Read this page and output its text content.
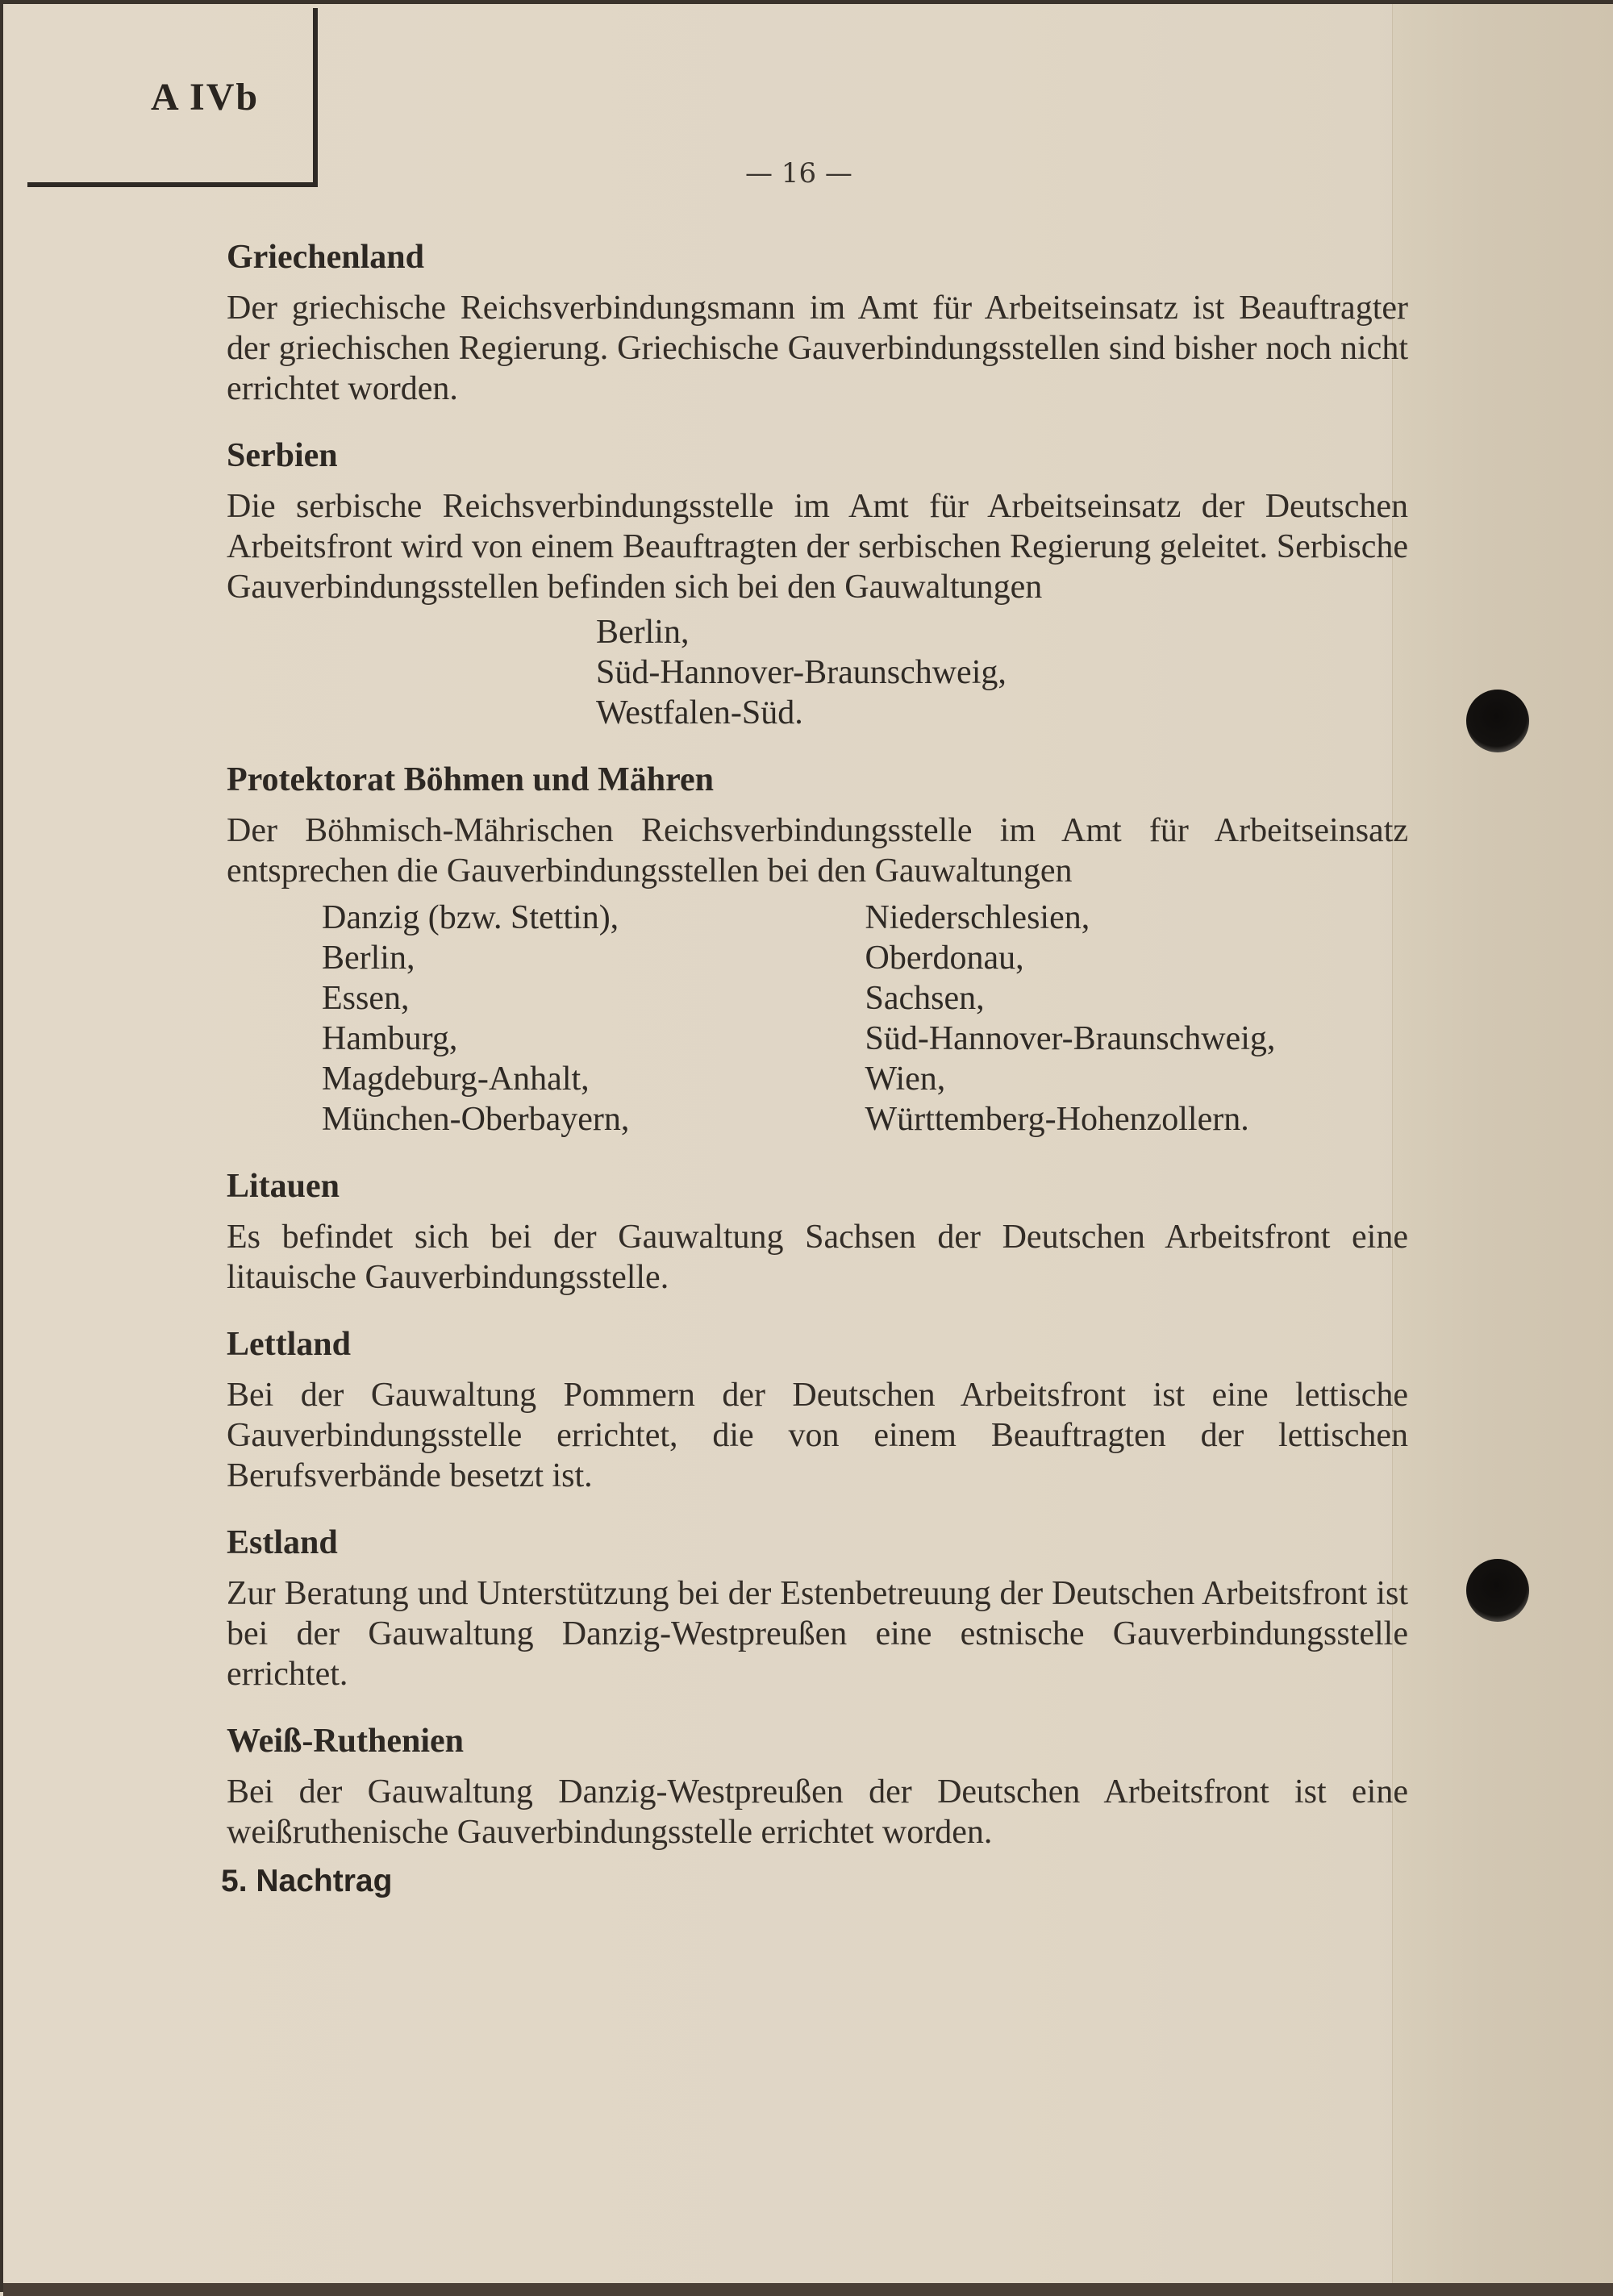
A IVb
— 16 —
Griechenland

Der griechische Reichsverbindungsmann im Amt für Arbeitseinsatz ist Beauftragter der griechischen Regierung. Griechische Gauverbindungsstellen sind bisher noch nicht errichtet worden.

Serbien

Die serbische Reichsverbindungsstelle im Amt für Arbeitseinsatz der Deutschen Arbeitsfront wird von einem Beauftragten der serbischen Regierung geleitet. Serbische Gauverbindungsstellen befinden sich bei den Gauwaltungen

Berlin,
Süd-Hannover-Braunschweig,
Westfalen-Süd.
Protektorat Böhmen und Mähren

Der Böhmisch-Mährischen Reichsverbindungsstelle im Amt für Arbeitseinsatz entsprechen die Gauverbindungsstellen bei den Gauwaltungen

Danzig (bzw. Stettin),
Berlin,
Essen,
Hamburg,
Magdeburg-Anhalt,
München-Oberbayern,
Niederschlesien,
Oberdonau,
Sachsen,
Süd-Hannover-Braunschweig,
Wien,
Württemberg-Hohenzollern.
Litauen

Es befindet sich bei der Gauwaltung Sachsen der Deutschen Arbeitsfront eine litauische Gauverbindungsstelle.

Lettland

Bei der Gauwaltung Pommern der Deutschen Arbeitsfront ist eine lettische Gauverbindungsstelle errichtet, die von einem Beauftragten der lettischen Berufsverbände besetzt ist.

Estland

Zur Beratung und Unterstützung bei der Estenbetreuung der Deutschen Arbeitsfront ist bei der Gauwaltung Danzig-Westpreußen eine estnische Gauverbindungsstelle errichtet.

Weiß-Ruthenien

Bei der Gauwaltung Danzig-Westpreußen der Deutschen Arbeitsfront ist eine weißruthenische Gauverbindungsstelle errichtet worden.

5. Nachtrag
